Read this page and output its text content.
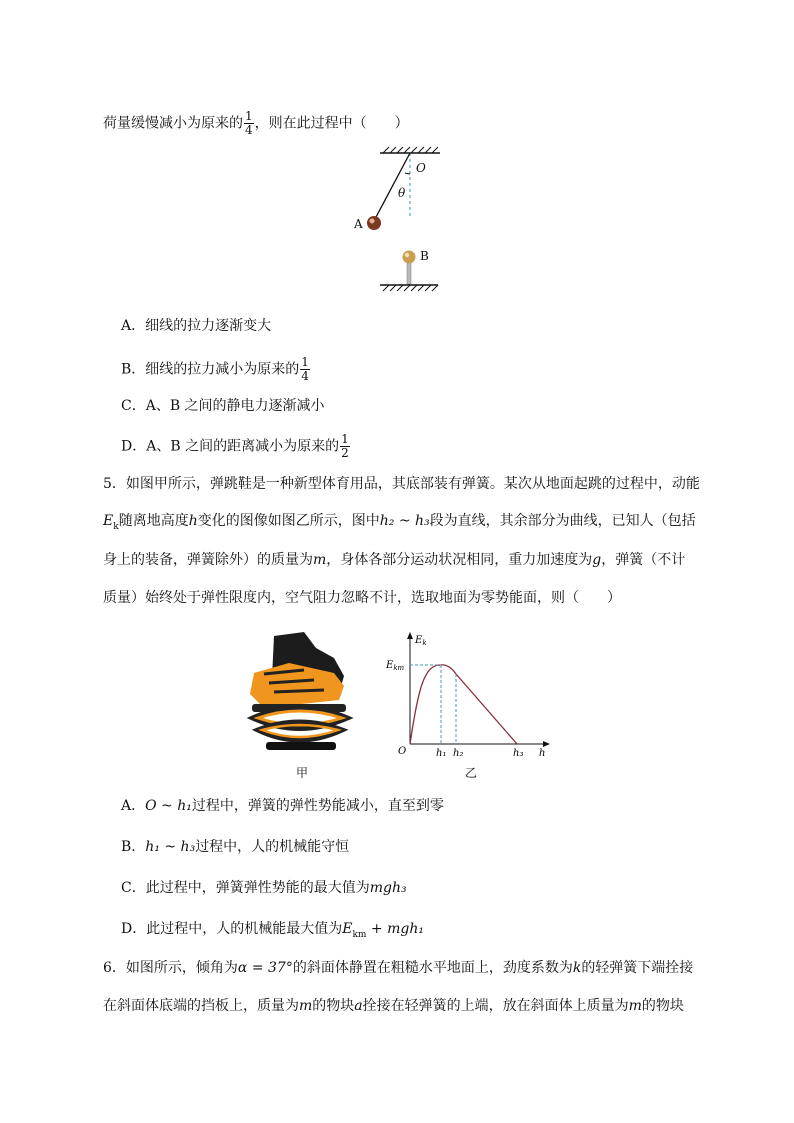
荷量缓慢减小为原来的 $\frac{1}{4}$ ，则在此过程中（　　）
O
θ
A
B
A．细线的拉力逐渐变大
B．细线的拉力减小为原来的 $\frac{1}{4}$
C．A、B 之间的静电力逐渐减小
D．A、B 之间的距离减小为原来的 $\frac{1}{2}$
5．如图甲所示，弹跳鞋是一种新型体育用品，其底部装有弹簧。某次从地面起跳的过程中，动能
$E_k$随离地高度h变化的图像如图乙所示，图中h₂ ~ h₃段为直线，其余部分为曲线，已知人（包括
身上的装备，弹簧除外）的质量为m，身体各部分运动状况相同，重力加速度为g，弹簧（不计
质量）始终处于弹性限度内，空气阻力忽略不计，选取地面为零势能面，则（　　）
甲
$E_k$
$E_{km}$
O	h₁ h₂	h₃ h
乙
A．O ~ h₁过程中，弹簧的弹性势能减小，直至到零
B．h₁ ~ h₃过程中，人的机械能守恒
C．此过程中，弹簧弹性势能的最大值为mgh₃
D．此过程中，人的机械能最大值为$E_{km} + mgh_1$
6．如图所示，倾角为α = 37°的斜面体静置在粗糙水平地面上，劲度系数为k的轻弹簧下端拴接
在斜面体底端的挡板上，质量为m的物块a拴接在轻弹簧的上端，放在斜面体上质量为m的物块
